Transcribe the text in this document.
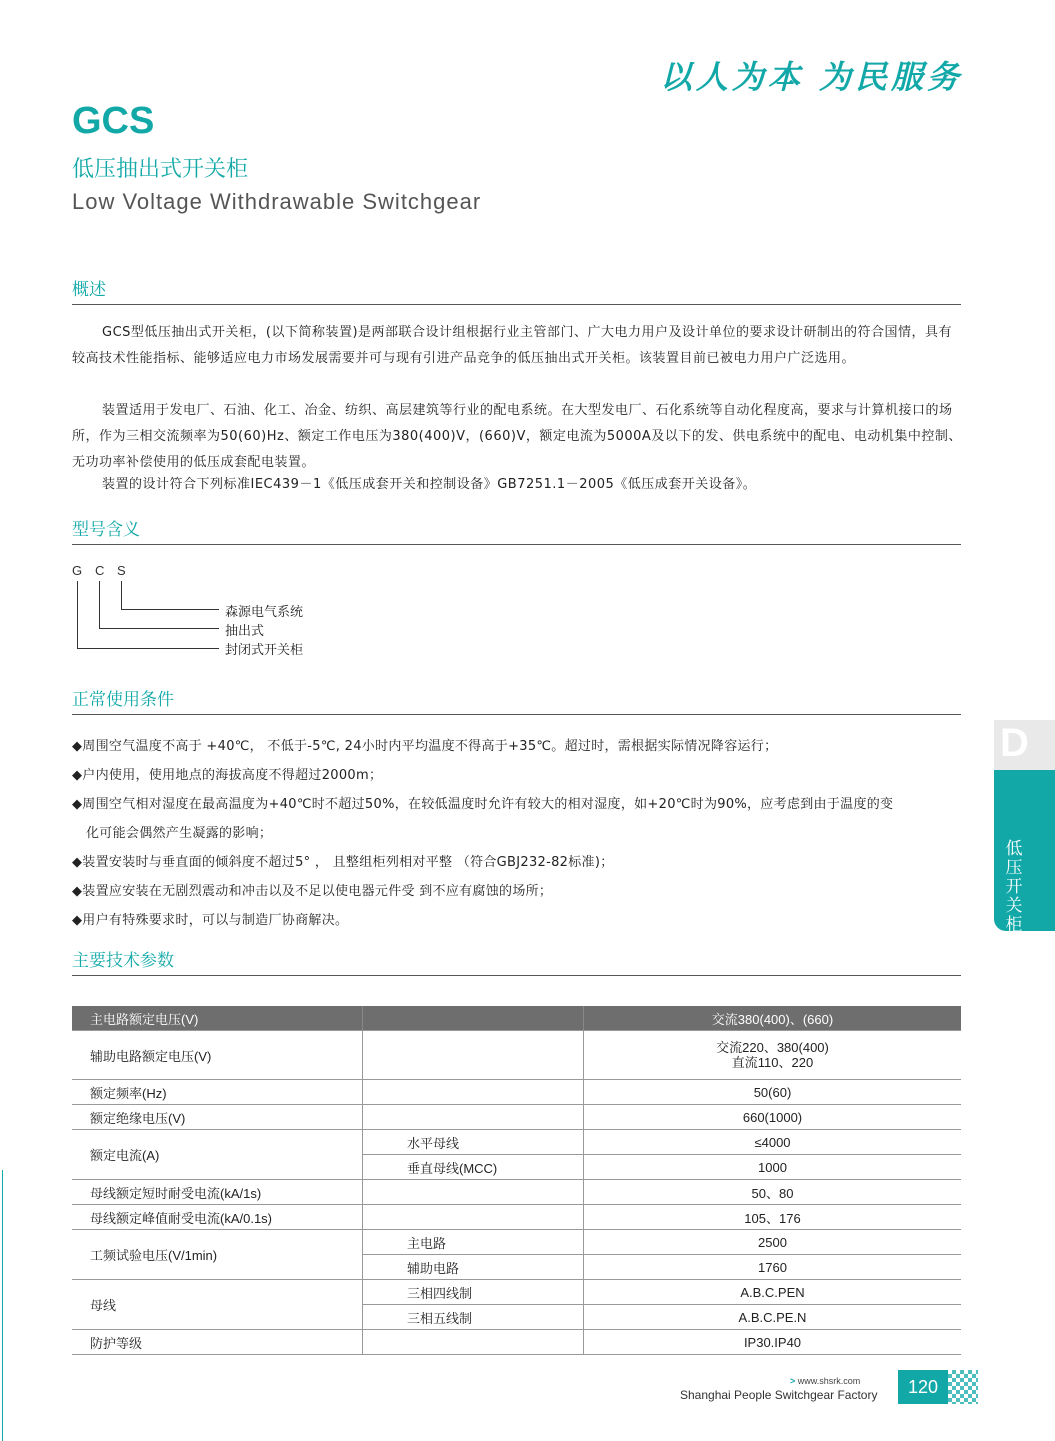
以人为本 为民服务
GCS
低压抽出式开关柜
Low Voltage Withdrawable Switchgear
概述

GCS型低压抽出式开关柜，(以下简称装置)是两部联合设计组根据行业主管部门、广大电力用户及设计单位的要求设计研制出的符合国情，具有较高技术性能指标、能够适应电力市场发展需要并可与现有引进产品竞争的低压抽出式开关柜。该装置目前已被电力用户广泛选用。

装置适用于发电厂、石油、化工、冶金、纺织、高层建筑等行业的配电系统。在大型发电厂、石化系统等自动化程度高，要求与计算机接口的场所，作为三相交流频率为50(60)Hz、额定工作电压为380(400)V，(660)V，额定电流为5000A及以下的发、供电系统中的配电、电动机集中控制、无功功率补偿使用的低压成套配电装置。

装置的设计符合下列标准IEC439－1《低压成套开关和控制设备》GB7251.1－2005《低压成套开关设备》。

型号含义
G C S
森源电气系统
抽出式
封闭式开关柜
正常使用条件
◆周围空气温度不高于 +40℃， 不低于-5℃, 24小时内平均温度不得高于+35℃。超过时，需根据实际情况降容运行；
◆户内使用，使用地点的海拔高度不得超过2000m；
◆周围空气相对湿度在最高温度为+40℃时不超过50%，在较低温度时允许有较大的相对湿度，如+20℃时为90%，应考虑到由于温度的变
化可能会偶然产生凝露的影响；
◆装置安装时与垂直面的倾斜度不超过5° ， 且整组柜列相对平整 （符合GBJ232-82标准)；
◆装置应安装在无剧烈震动和冲击以及不足以使电器元件受 到不应有腐蚀的场所；
◆用户有特殊要求时，可以与制造厂协商解决。
D
低压开关柜设备
主要技术参数
主电路额定电压(V)		交流380(400)、(660)
辅助电路额定电压(V)		交流220、380(400)
直流110、220

额定频率(Hz)		50(60)
额定绝缘电压(V)		660(1000)
额定电流(A)	水平母线	≤4000
	垂直母线(MCC)	1000
母线额定短时耐受电流(kA/1s)		50、80
母线额定峰值耐受电流(kA/0.1s)		105、176
工频试验电压(V/1min)	主电路	2500
	辅助电路	1760
母线	三相四线制	A.B.C.PEN
	三相五线制	A.B.C.PE.N
防护等级		IP30.IP40
> www.shsrk.com
Shanghai People Switchgear Factory	120
